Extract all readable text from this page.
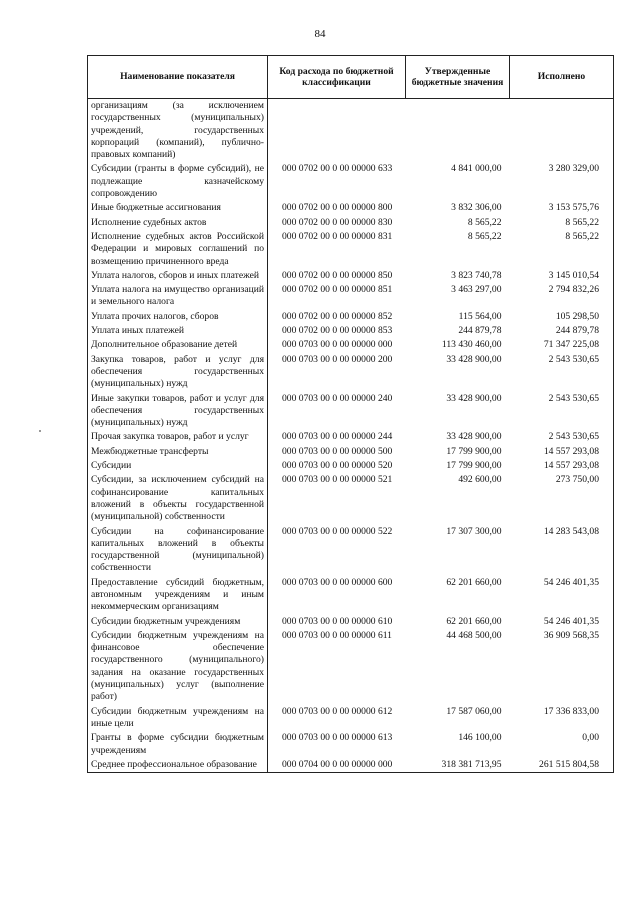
84
Наименование показателя	Код расхода по бюджетной классификации	Утвержденные бюджетные значения	Исполнено
организациям (за исключением государственных (муниципальных) учреждений, государственных корпораций (компаний), публично-правовых компаний)			
Субсидии (гранты в форме субсидий), не подлежащие казначейскому сопровождению	000 0702 00 0 00 00000 633	4 841 000,00	3 280 329,00
Иные бюджетные ассигнования	000 0702 00 0 00 00000 800	3 832 306,00	3 153 575,76
Исполнение судебных актов	000 0702 00 0 00 00000 830	8 565,22	8 565,22
Исполнение судебных актов Российской Федерации и мировых соглашений по возмещению причиненного вреда	000 0702 00 0 00 00000 831	8 565,22	8 565,22
Уплата налогов, сборов и иных платежей	000 0702 00 0 00 00000 850	3 823 740,78	3 145 010,54
Уплата налога на имущество организаций и земельного налога	000 0702 00 0 00 00000 851	3 463 297,00	2 794 832,26
Уплата прочих налогов, сборов	000 0702 00 0 00 00000 852	115 564,00	105 298,50
Уплата иных платежей	000 0702 00 0 00 00000 853	244 879,78	244 879,78
Дополнительное образование детей	000 0703 00 0 00 00000 000	113 430 460,00	71 347 225,08
Закупка товаров, работ и услуг для обеспечения государственных (муниципальных) нужд	000 0703 00 0 00 00000 200	33 428 900,00	2 543 530,65
Иные закупки товаров, работ и услуг для обеспечения государственных (муниципальных) нужд	000 0703 00 0 00 00000 240	33 428 900,00	2 543 530,65
Прочая закупка товаров, работ и услуг	000 0703 00 0 00 00000 244	33 428 900,00	2 543 530,65
Межбюджетные трансферты	000 0703 00 0 00 00000 500	17 799 900,00	14 557 293,08
Субсидии	000 0703 00 0 00 00000 520	17 799 900,00	14 557 293,08
Субсидии, за исключением субсидий на софинансирование капитальных вложений в объекты государственной (муниципальной) собственности	000 0703 00 0 00 00000 521	492 600,00	273 750,00
Субсидии на софинансирование капитальных вложений в объекты государственной (муниципальной) собственности	000 0703 00 0 00 00000 522	17 307 300,00	14 283 543,08
Предоставление субсидий бюджетным, автономным учреждениям и иным некоммерческим организациям	000 0703 00 0 00 00000 600	62 201 660,00	54 246 401,35
Субсидии бюджетным учреждениям	000 0703 00 0 00 00000 610	62 201 660,00	54 246 401,35
Субсидии бюджетным учреждениям на финансовое обеспечение государственного (муниципального) задания на оказание государственных (муниципальных) услуг (выполнение работ)	000 0703 00 0 00 00000 611	44 468 500,00	36 909 568,35
Субсидии бюджетным учреждениям на иные цели	000 0703 00 0 00 00000 612	17 587 060,00	17 336 833,00
Гранты в форме субсидии бюджетным учреждениям	000 0703 00 0 00 00000 613	146 100,00	0,00
Среднее профессиональное образование	000 0704 00 0 00 00000 000	318 381 713,95	261 515 804,58
